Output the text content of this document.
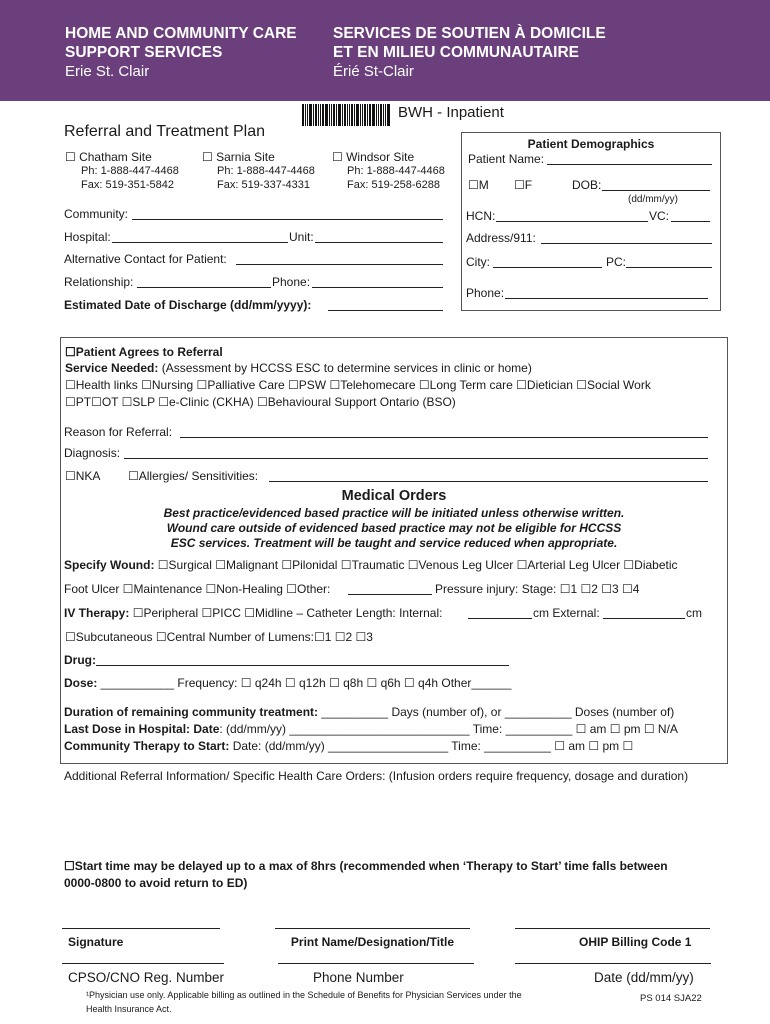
HOME AND COMMUNITY CARE
SUPPORT SERVICES
Erie St. Clair
SERVICES DE SOUTIEN À DOMICILE
ET EN MILIEU COMMUNAUTAIRE
Érié St-Clair
BWH - Inpatient
Referral and Treatment Plan
☐ Chatham Site
Ph: 1-888-447-4468
Fax: 519-351-5842
☐ Sarnia Site
Ph: 1-888-447-4468
Fax: 519-337-4331
☐ Windsor Site
Ph: 1-888-447-4468
Fax: 519-258-6288
Community:
Hospital:	Unit:
Alternative Contact for Patient:
Relationship:	Phone:
Estimated Date of Discharge (dd/mm/yyyy):
Patient Demographics
Patient Name:
☐M ☐F	DOB:
(dd/mm/yy)
HCN:	VC:
Address/911:
City:	PC:
Phone:
☐Patient Agrees to Referral
Service Needed: (Assessment by HCCSS ESC to determine services in clinic or home)
☐Health links ☐Nursing ☐Palliative Care ☐PSW ☐Telehomecare ☐Long Term care ☐Dietician ☐Social Work
☐PT☐OT ☐SLP ☐e-Clinic (CKHA) ☐Behavioural Support Ontario (BSO)
Reason for Referral:
Diagnosis:
☐NKA ☐Allergies/ Sensitivities:
Medical Orders
Best practice/evidenced based practice will be initiated unless otherwise written.
Wound care outside of evidenced based practice may not be eligible for HCCSS
ESC services. Treatment will be taught and service reduced when appropriate.
Specify Wound: ☐Surgical ☐Malignant ☐Pilonidal ☐Traumatic ☐Venous Leg Ulcer ☐Arterial Leg Ulcer ☐Diabetic
Foot Ulcer ☐Maintenance ☐Non-Healing ☐Other:	Pressure injury: Stage: ☐1 ☐2 ☐3 ☐4
IV Therapy: ☐Peripheral ☐PICC ☐Midline – Catheter Length: Internal:	cm External:	cm
☐Subcutaneous ☐Central Number of Lumens:☐1 ☐2 ☐3
Drug:
Dose: ___________ Frequency: ☐ q24h ☐ q12h ☐ q8h ☐ q6h ☐ q4h Other______
Duration of remaining community treatment: __________ Days (number of), or __________ Doses (number of)
Last Dose in Hospital: Date: (dd/mm/yy) ___________________________ Time: __________ ☐ am ☐ pm ☐ N/A
Community Therapy to Start: Date: (dd/mm/yy) __________________ Time: __________ ☐ am ☐ pm ☐
Additional Referral Information/ Specific Health Care Orders: (Infusion orders require frequency, dosage and duration)
☐Start time may be delayed up to a max of 8hrs (recommended when ‘Therapy to Start’ time falls between
0000-0800 to avoid return to ED)
Signature	Print Name/Designation/Title	OHIP Billing Code 1
CPSO/CNO Reg. Number	Phone Number	Date (dd/mm/yy)
¹Physician use only. Applicable billing as outlined in the Schedule of Benefits for Physician Services under the
Health Insurance Act.
PS 014 SJA22
